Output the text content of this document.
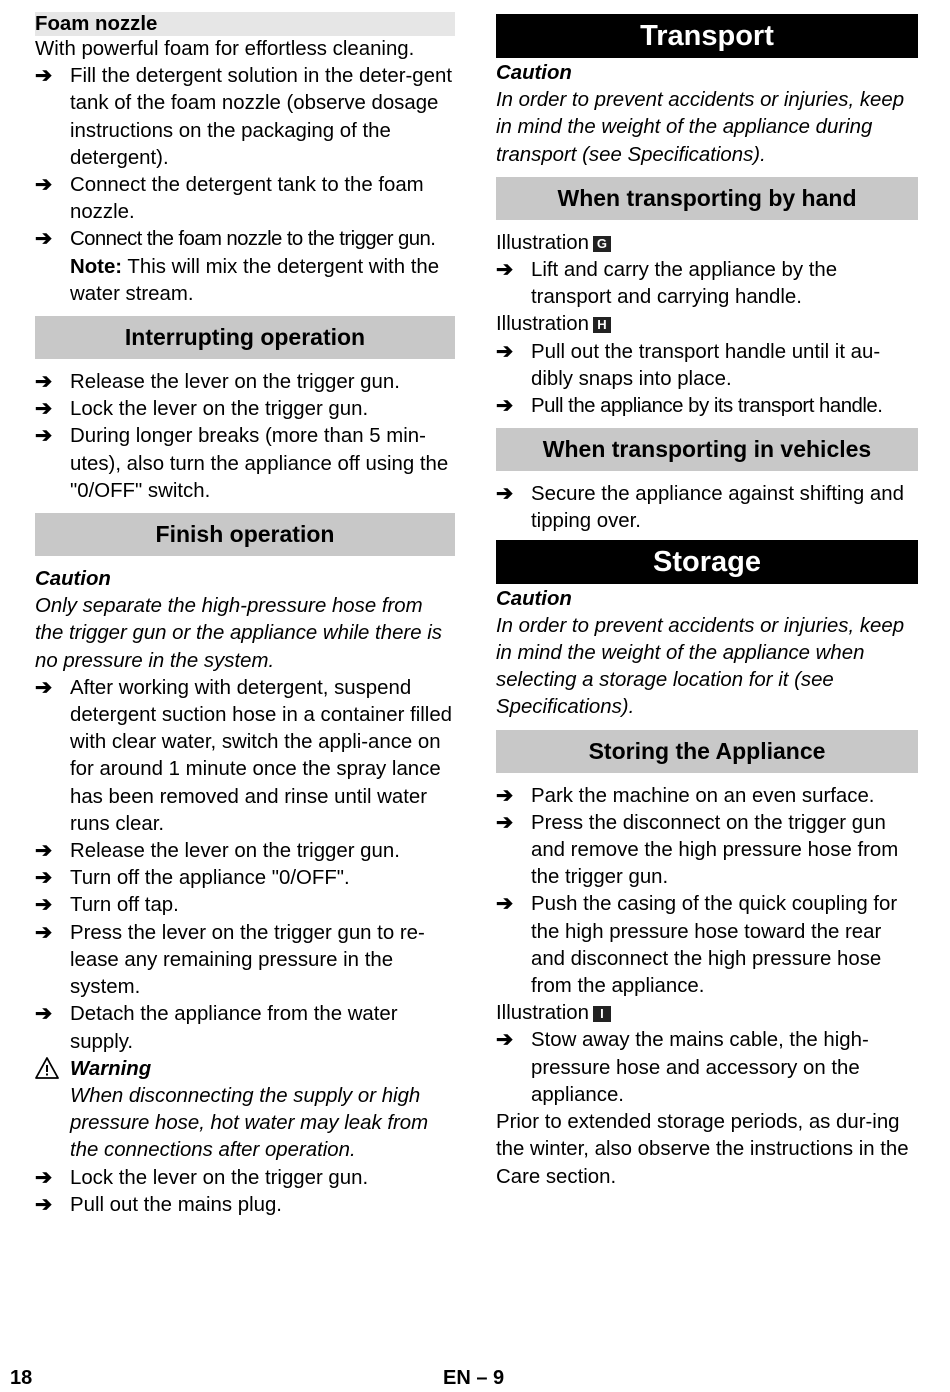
Foam nozzle

With powerful foam for effortless cleaning.

➔ Fill the detergent solution in the deter-gent tank of the foam nozzle (observe dosage instructions on the packaging of the detergent).
➔ Connect the detergent tank to the foam nozzle.
➔ Connect the foam nozzle to the trigger gun.
Note: This will mix the detergent with the water stream.
Interrupting operation
➔ Release the lever on the trigger gun.
➔ Lock the lever on the trigger gun.
➔ During longer breaks (more than 5 min-utes), also turn the appliance off using the "0/OFF" switch.
Finish operation

Caution

Only separate the high-pressure hose from the trigger gun or the appliance while there is no pressure in the system.

➔ After working with detergent, suspend detergent suction hose in a container filled with clear water, switch the appli-ance on for around 1 minute once the spray lance has been removed and rinse until water runs clear.
➔ Release the lever on the trigger gun.
➔ Turn off the appliance "0/OFF".
➔ Turn off tap.
➔ Press the lever on the trigger gun to re-lease any remaining pressure in the system.
➔ Detach the appliance from the water supply.

Warning

When disconnecting the supply or high pressure hose, hot water may leak from the connections after operation.

➔ Lock the lever on the trigger gun.
➔ Pull out the mains plug.
Transport

Caution

In order to prevent accidents or injuries, keep in mind the weight of the appliance during transport (see Specifications).

When transporting by hand

Illustration G

➔ Lift and carry the appliance by the transport and carrying handle.

Illustration H

➔ Pull out the transport handle until it au-dibly snaps into place.
➔ Pull the appliance by its transport handle.
When transporting in vehicles
➔ Secure the appliance against shifting and tipping over.
Storage

Caution

In order to prevent accidents or injuries, keep in mind the weight of the appliance when selecting a storage location for it (see Specifications).

Storing the Appliance
➔ Park the machine on an even surface.
➔ Press the disconnect on the trigger gun and remove the high pressure hose from the trigger gun.
➔ Push the casing of the quick coupling for the high pressure hose toward the rear and disconnect the high pressure hose from the appliance.

Illustration I

➔ Stow away the mains cable, the high-pressure hose and accessory on the appliance.

Prior to extended storage periods, as dur-ing the winter, also observe the instructions in the Care section.

18	EN – 9
